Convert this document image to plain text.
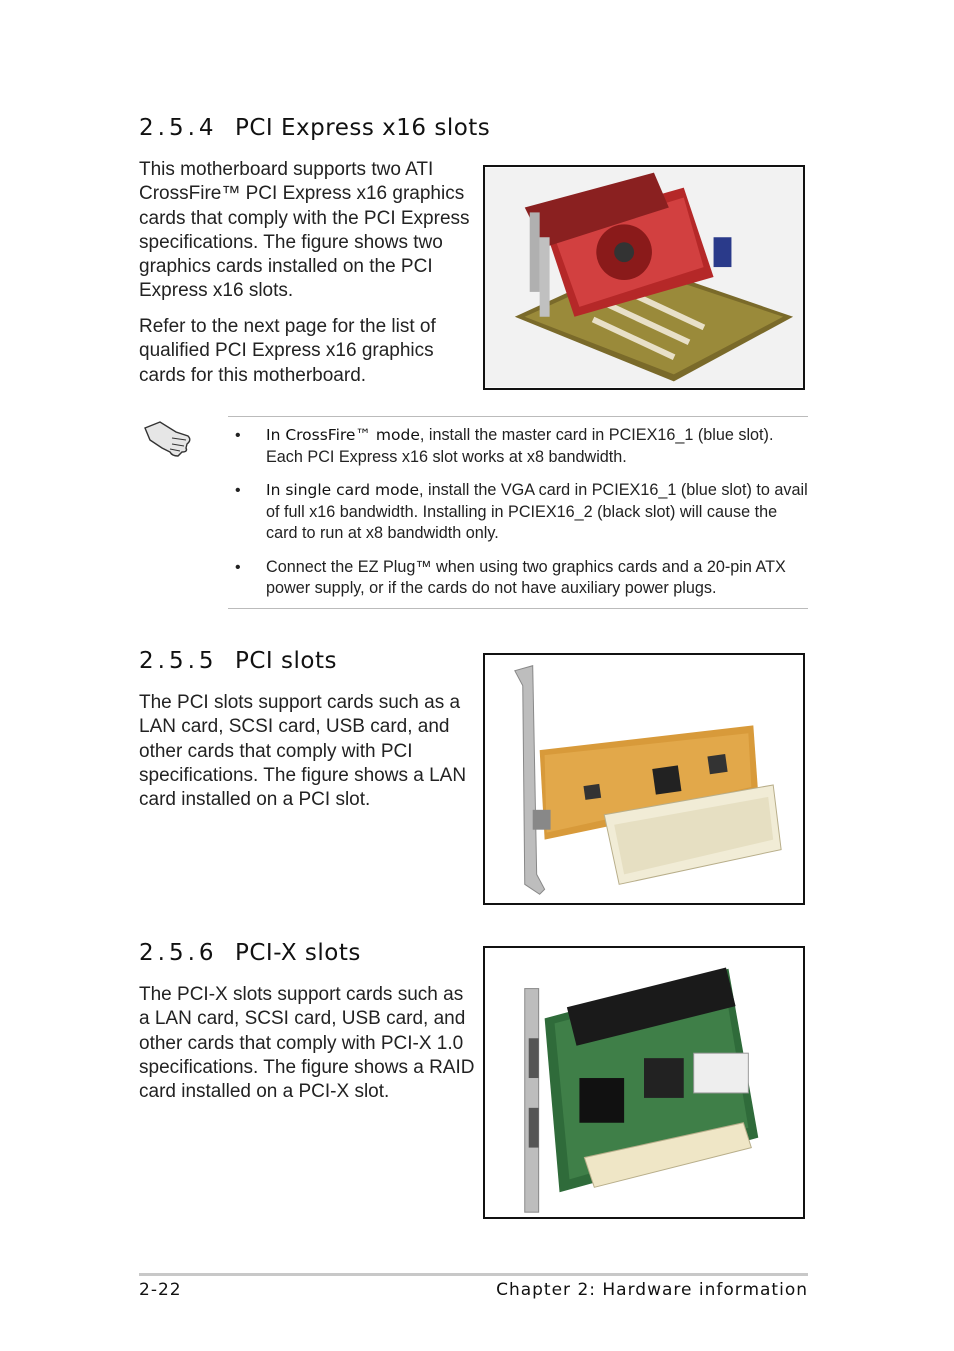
2.5.4 PCI Express x16 slots

This motherboard supports two ATI CrossFire™ PCI Express x16 graphics cards that comply with the PCI Express specifications. The figure shows two graphics cards installed on the PCI Express x16 slots.

Refer to the next page for the list of qualified PCI Express x16 graphics cards for this motherboard.

• In CrossFire™ mode, install the master card in PCIEX16_1 (blue slot). Each PCI Express x16 slot works at x8 bandwidth.
• In single card mode, install the VGA card in PCIEX16_1 (blue slot) to avail of full x16 bandwidth. Installing in PCIEX16_2 (black slot) will cause the card to run at x8 bandwidth only.
• Connect the EZ Plug™ when using two graphics cards and a 20-pin ATX power supply, or if the cards do not have auxiliary power plugs.
2.5.5 PCI slots

The PCI slots support cards such as a LAN card, SCSI card, USB card, and other cards that comply with PCI specifications. The figure shows a LAN card installed on a PCI slot.

2.5.6 PCI-X slots

The PCI-X slots support cards such as a LAN card, SCSI card, USB card, and other cards that comply with PCI-X 1.0 specifications. The figure shows a RAID card installed on a PCI-X slot.

2-22	Chapter 2: Hardware information
